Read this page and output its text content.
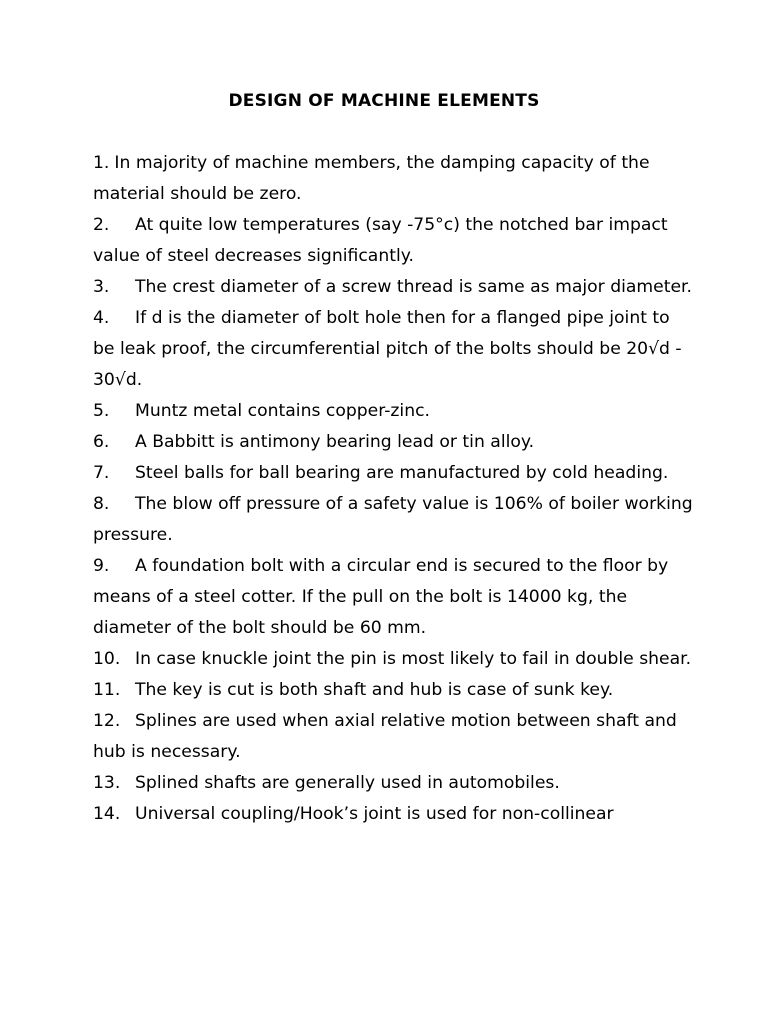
DESIGN OF MACHINE ELEMENTS
1. In majority of machine members, the damping capacity of the material should be zero.
2. At quite low temperatures (say -75°c) the notched bar impact value of steel decreases significantly.
3. The crest diameter of a screw thread is same as major diameter.
4. If d is the diameter of bolt hole then for a flanged pipe joint to be leak proof, the circumferential pitch of the bolts should be 20√d - 30√d.
5. Muntz metal contains copper-zinc.
6. A Babbitt is antimony bearing lead or tin alloy.
7. Steel balls for ball bearing are manufactured by cold heading.
8. The blow off pressure of a safety value is 106% of boiler working pressure.
9. A foundation bolt with a circular end is secured to the floor by means of a steel cotter. If the pull on the bolt is 14000 kg, the diameter of the bolt should be 60 mm.
10. In case knuckle joint the pin is most likely to fail in double shear.
11. The key is cut is both shaft and hub is case of sunk key.
12. Splines are used when axial relative motion between shaft and hub is necessary.
13. Splined shafts are generally used in automobiles.
14. Universal coupling/Hook’s joint is used for non-collinear
